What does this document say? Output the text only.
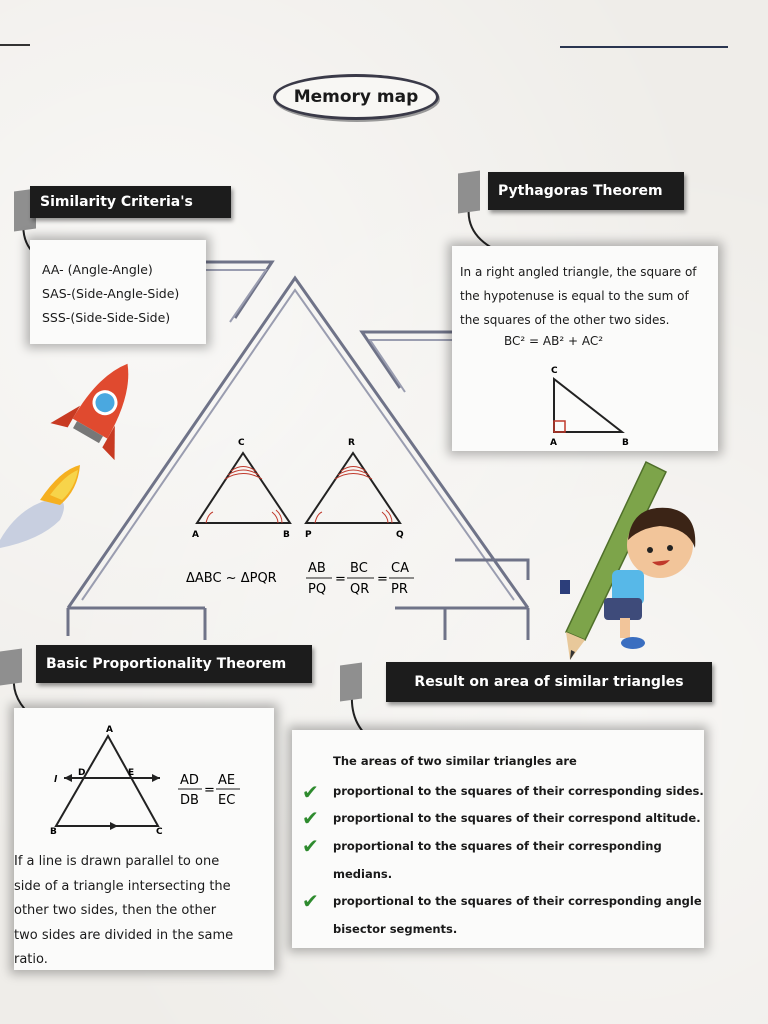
Memory map
C
A	B
R
P	Q
ΔABC ~ ΔPQR
AB
PQ
=
BC
QR
=
CA
PR
Similarity Criteria's

AA- (Angle-Angle)

SAS-(Side-Angle-Side)

SSS-(Side-Side-Side)

Pythagoras Theorem

In a right angled triangle, the square of

the hypotenuse is equal to the sum of

the squares of the other two sides.

BC² = AB² + AC²

C
A	B
Basic Proportionality Theorem
A
D	E
B	C
l	AD
DB
=
AE
EC
If a line is drawn parallel to one
side of a triangle intersecting the
other two sides, then the other
two sides are divided in the same
ratio.
Result on area of similar triangles
The areas of two similar triangles are
✔ proportional to the squares of their corresponding sides.
✔ proportional to the squares of their correspond altitude.
✔ proportional to the squares of their corresponding
medians.
✔ proportional to the squares of their corresponding angle
bisector segments.
